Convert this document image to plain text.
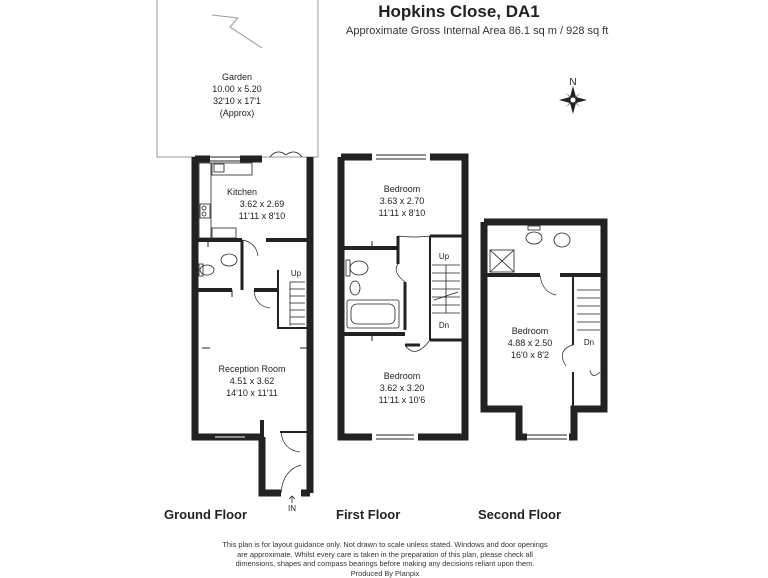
Hopkins Close, DA1
Approximate Gross Internal Area 86.1 sq m / 928 sq ft
Garden
10.00 x 5.20
32'10 x 17'1
(Approx)
N
Kitchen
3.62 x 2.69
11'11 x 8'10
Up
Reception Room
4.51 x 3.62
14'10 x 11'11
IN
Bedroom
3.63 x 2.70
11'11 x 8'10
Up
Dn
Bedroom
3.62 x 3.20
11'11 x 10'6
Bedroom
4.88 x 2.50
16'0 x 8'2
Dn
Ground Floor	First Floor	Second Floor
This plan is for layout guidance only. Not drawn to scale unless stated. Windows and door openings
are approximate. Whilst every care is taken in the preparation of this plan, please check all
dimensions, shapes and compass bearings before making any decisions reliant upon them.
Produced By Planpix
